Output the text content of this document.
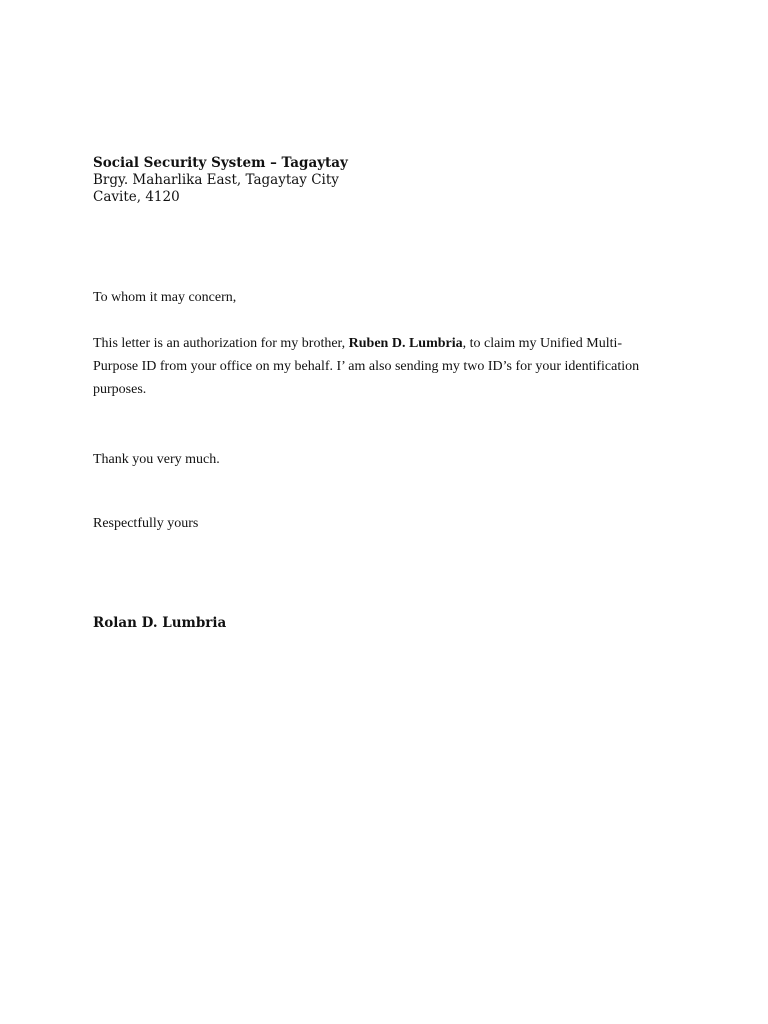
Social Security System – Tagaytay
Brgy. Maharlika East, Tagaytay City
Cavite, 4120
To whom it may concern,
This letter is an authorization for my brother, Ruben D. Lumbria, to claim my Unified Multi-Purpose ID from your office on my behalf. I’ am also sending my two ID’s for your identification purposes.
Thank you very much.
Respectfully yours
Rolan D. Lumbria
